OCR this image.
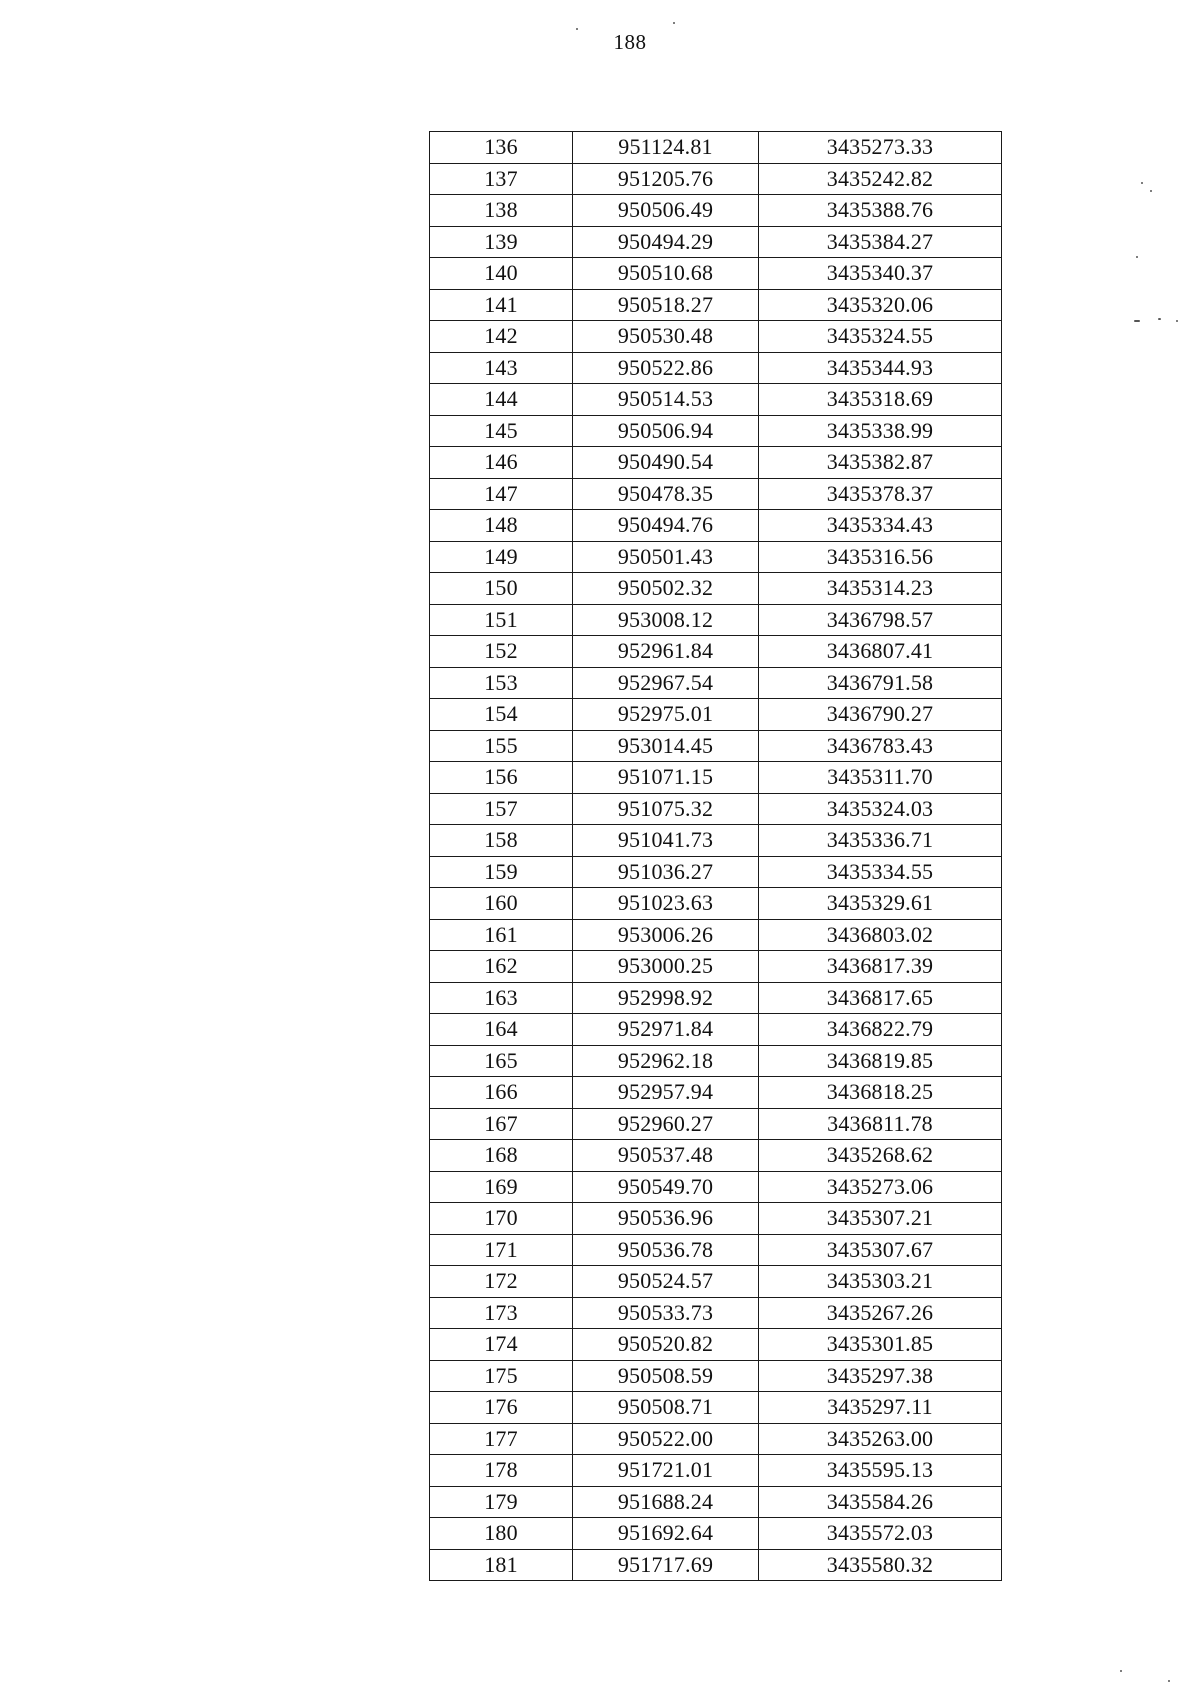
188
136	951124.81	3435273.33
137	951205.76	3435242.82
138	950506.49	3435388.76
139	950494.29	3435384.27
140	950510.68	3435340.37
141	950518.27	3435320.06
142	950530.48	3435324.55
143	950522.86	3435344.93
144	950514.53	3435318.69
145	950506.94	3435338.99
146	950490.54	3435382.87
147	950478.35	3435378.37
148	950494.76	3435334.43
149	950501.43	3435316.56
150	950502.32	3435314.23
151	953008.12	3436798.57
152	952961.84	3436807.41
153	952967.54	3436791.58
154	952975.01	3436790.27
155	953014.45	3436783.43
156	951071.15	3435311.70
157	951075.32	3435324.03
158	951041.73	3435336.71
159	951036.27	3435334.55
160	951023.63	3435329.61
161	953006.26	3436803.02
162	953000.25	3436817.39
163	952998.92	3436817.65
164	952971.84	3436822.79
165	952962.18	3436819.85
166	952957.94	3436818.25
167	952960.27	3436811.78
168	950537.48	3435268.62
169	950549.70	3435273.06
170	950536.96	3435307.21
171	950536.78	3435307.67
172	950524.57	3435303.21
173	950533.73	3435267.26
174	950520.82	3435301.85
175	950508.59	3435297.38
176	950508.71	3435297.11
177	950522.00	3435263.00
178	951721.01	3435595.13
179	951688.24	3435584.26
180	951692.64	3435572.03
181	951717.69	3435580.32
